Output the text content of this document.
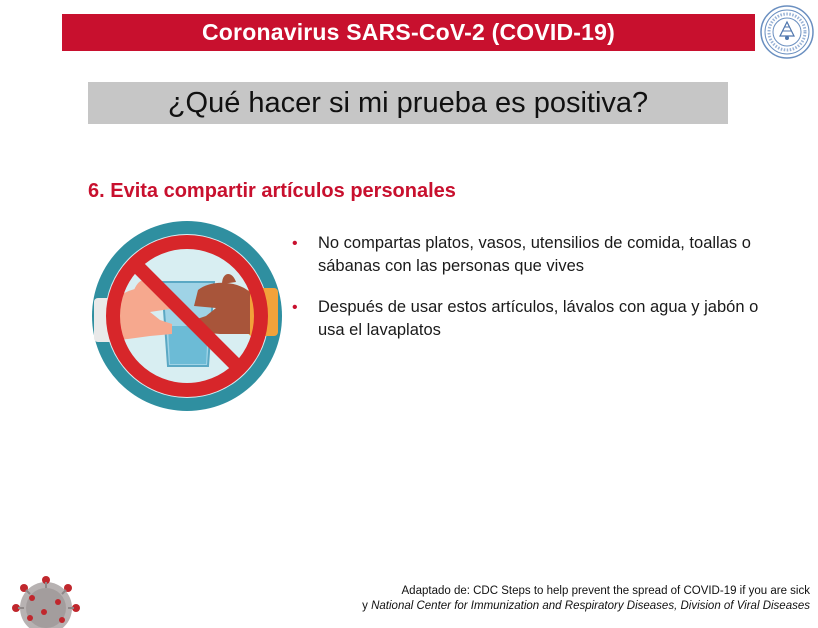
Coronavirus SARS-CoV-2 (COVID-19)
¿Qué hacer si mi prueba es positiva?
6. Evita compartir artículos personales
• No compartas platos, vasos, utensilios de comida, toallas o sábanas con las personas que vives
• Después de usar estos artículos, lávalos con agua y jabón o usa el lavaplatos
Adaptado de: CDC Steps to help prevent the spread of COVID-19 if you are sick
y National Center for Immunization and Respiratory Diseases, Division of Viral Diseases
